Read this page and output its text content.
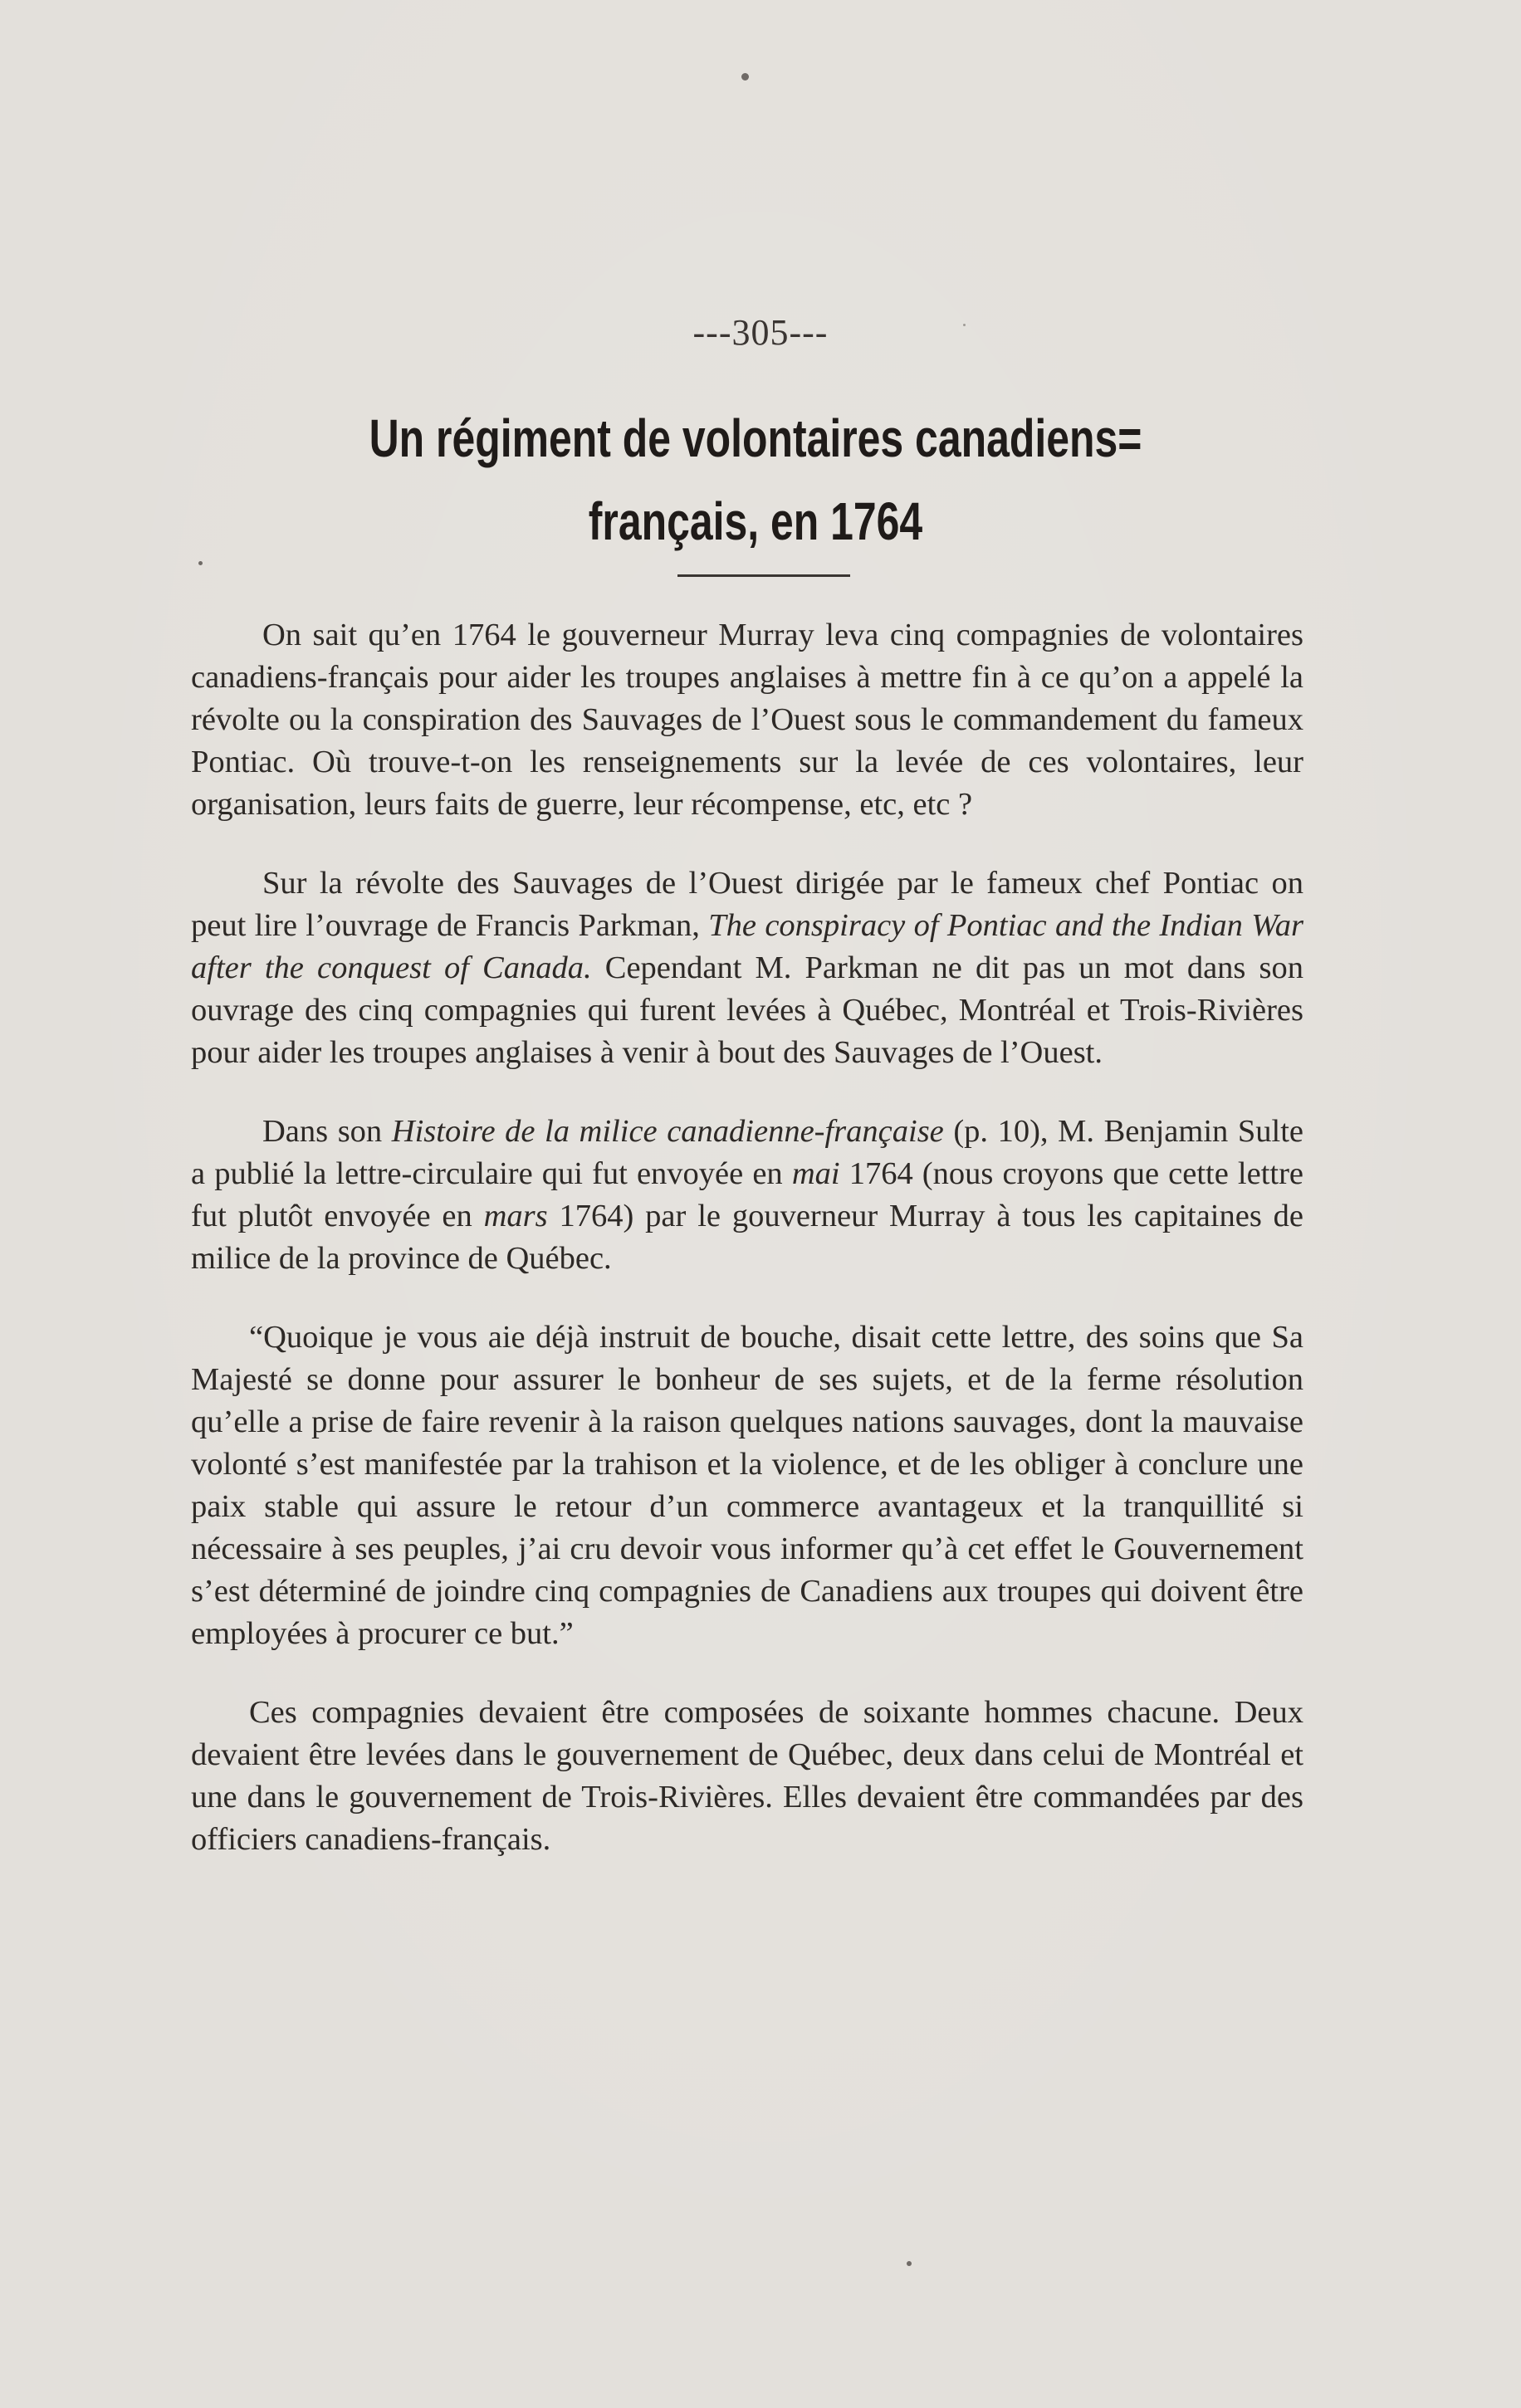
---305---
Un régiment de volontaires canadiens=
français, en 1764

On sait qu’en 1764 le gouverneur Murray leva cinq compagnies de volontaires canadiens-français pour aider les troupes anglaises à mettre fin à ce qu’on a appelé la révolte ou la conspiration des Sauvages de l’Ouest sous le commandement du fameux Pontiac. Où trouve-t-on les renseignements sur la levée de ces volontaires, leur organisation, leurs faits de guerre, leur récompense, etc, etc ?

Sur la révolte des Sauvages de l’Ouest dirigée par le fameux chef Pontiac on peut lire l’ouvrage de Francis Parkman, The conspiracy of Pontiac and the Indian War after the conquest of Canada. Cependant M. Parkman ne dit pas un mot dans son ouvrage des cinq compagnies qui furent levées à Québec, Montréal et Trois-Rivières pour aider les troupes anglaises à venir à bout des Sauvages de l’Ouest.

Dans son Histoire de la milice canadienne-française (p. 10), M. Benjamin Sulte a publié la lettre-circulaire qui fut envoyée en mai 1764 (nous croyons que cette lettre fut plutôt envoyée en mars 1764) par le gouverneur Murray à tous les capitaines de milice de la province de Québec.

“Quoique je vous aie déjà instruit de bouche, disait cette lettre, des soins que Sa Majesté se donne pour assurer le bonheur de ses sujets, et de la ferme résolution qu’elle a prise de faire revenir à la raison quelques nations sauvages, dont la mauvaise volonté s’est manifestée par la trahison et la violence, et de les obliger à conclure une paix stable qui assure le retour d’un commerce avantageux et la tranquillité si nécessaire à ses peuples, j’ai cru devoir vous informer qu’à cet effet le Gouvernement s’est déterminé de joindre cinq compagnies de Canadiens aux troupes qui doivent être employées à procurer ce but.”

Ces compagnies devaient être composées de soixante hommes chacune. Deux devaient être levées dans le gouvernement de Québec, deux dans celui de Montréal et une dans le gouvernement de Trois-Rivières. Elles devaient être commandées par des officiers canadiens-français.
